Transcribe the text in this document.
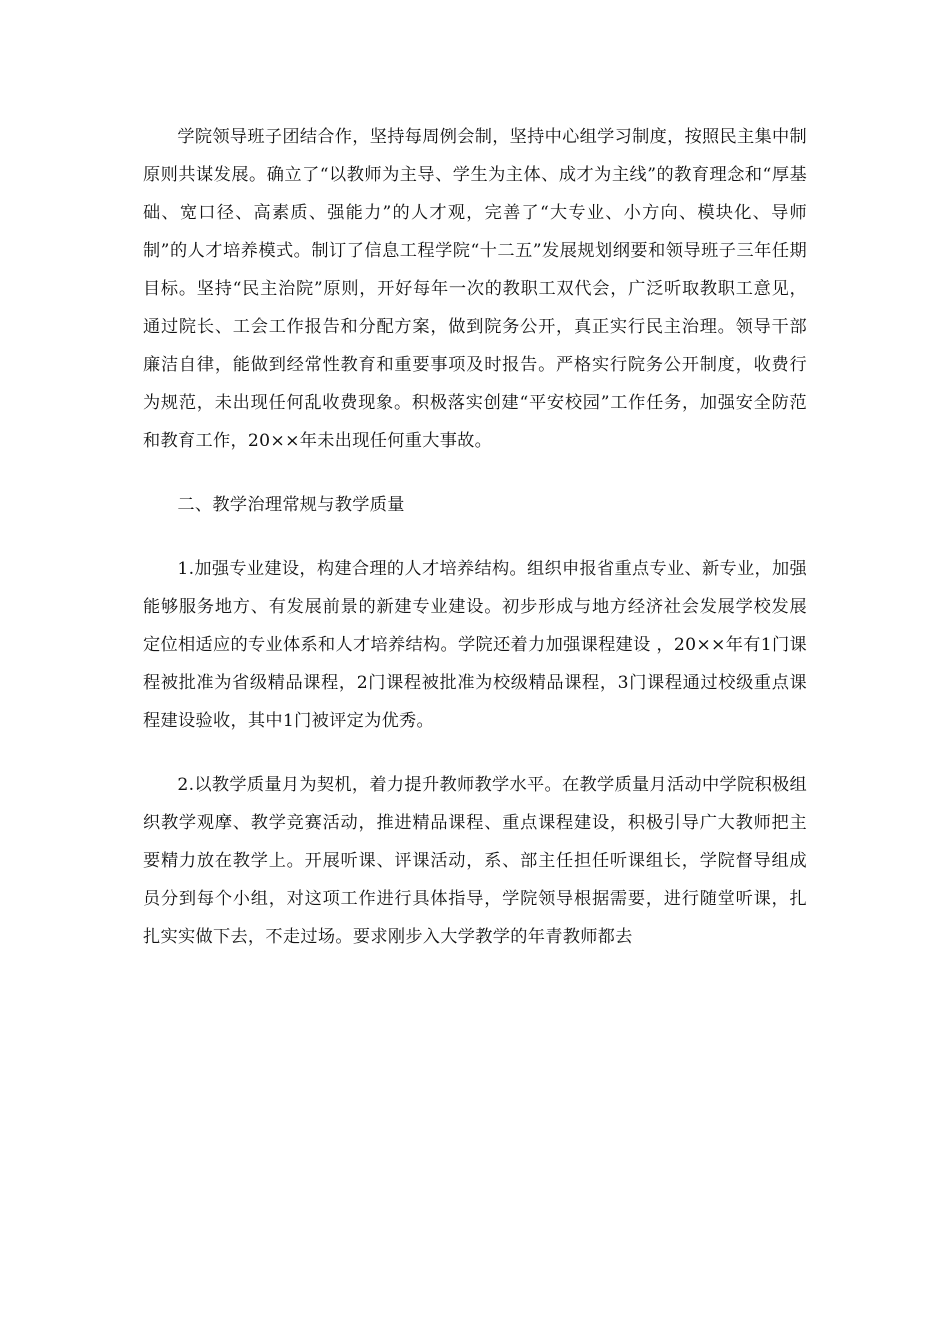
学院领导班子团结合作，坚持每周例会制，坚持中心组学习制度，按照民主集中制原则共谋发展。确立了“以教师为主导、学生为主体、成才为主线”的教育理念和“厚基础、宽口径、高素质、强能力”的人才观，完善了“大专业、小方向、模块化、导师制”的人才培养模式。制订了信息工程学院“十二五”发展规划纲要和领导班子三年任期目标。坚持“民主治院”原则，开好每年一次的教职工双代会，广泛听取教职工意见，通过院长、工会工作报告和分配方案，做到院务公开，真正实行民主治理。领导干部廉洁自律，能做到经常性教育和重要事项及时报告。严格实行院务公开制度，收费行为规范，未出现任何乱收费现象。积极落实创建“平安校园”工作任务，加强安全防范和教育工作，20××年未出现任何重大事故。

二、教学治理常规与教学质量

1.加强专业建设，构建合理的人才培养结构。组织申报省重点专业、新专业，加强能够服务地方、有发展前景的新建专业建设。初步形成与地方经济社会发展学校发展定位相适应的专业体系和人才培养结构。学院还着力加强课程建设 ，20××年有1门课程被批准为省级精品课程，2门课程被批准为校级精品课程，3门课程通过校级重点课程建设验收，其中1门被评定为优秀。

2.以教学质量月为契机，着力提升教师教学水平。在教学质量月活动中学院积极组织教学观摩、教学竞赛活动，推进精品课程、重点课程建设，积极引导广大教师把主要精力放在教学上。开展听课、评课活动，系、部主任担任听课组长，学院督导组成员分到每个小组，对这项工作进行具体指导，学院领导根据需要，进行随堂听课，扎扎实实做下去，不走过场。要求刚步入大学教学的年青教师都去
